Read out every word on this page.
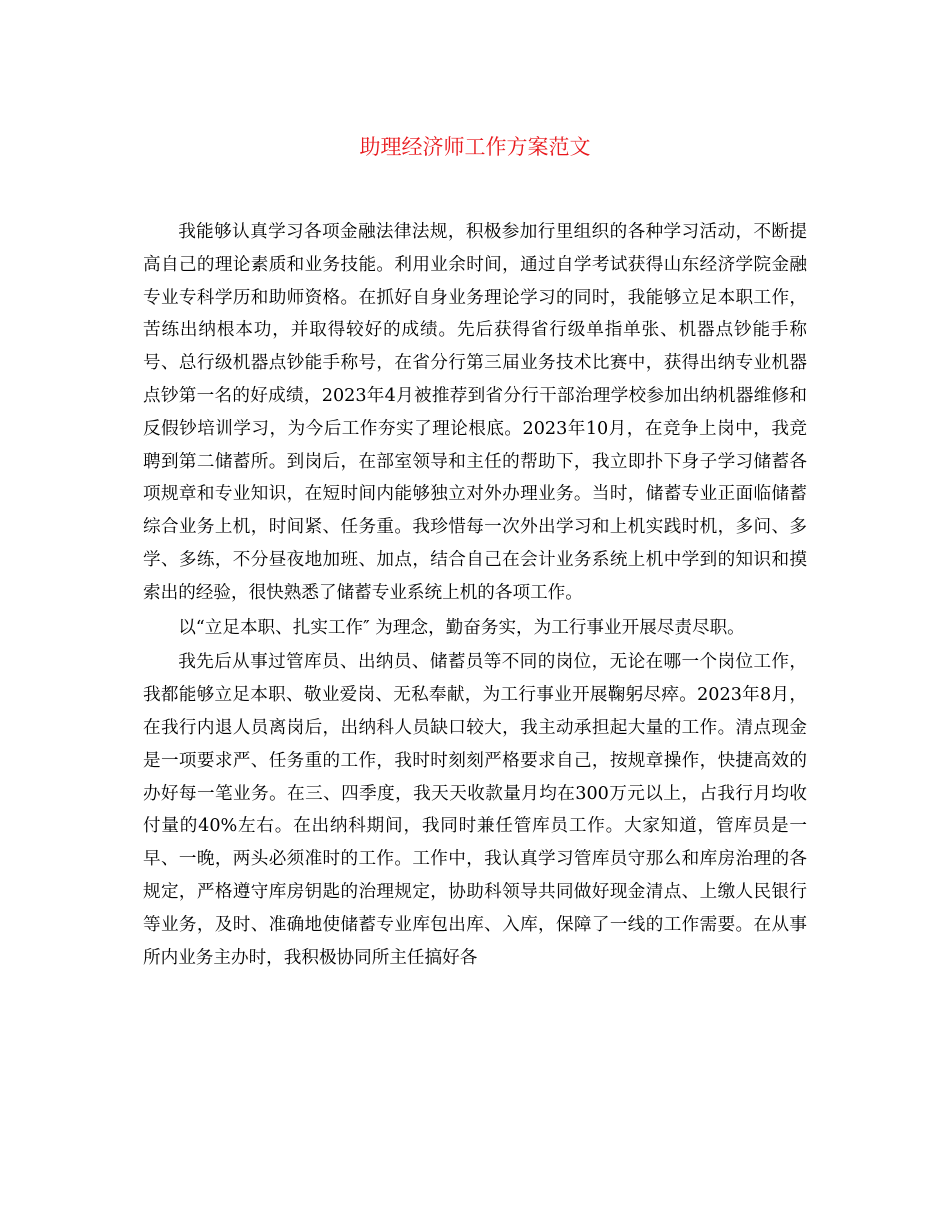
助理经济师工作方案范文

我能够认真学习各项金融法律法规，积极参加行里组织的各种学习活动，不断提高自己的理论素质和业务技能。利用业余时间，通过自学考试获得山东经济学院金融专业专科学历和助师资格。在抓好自身业务理论学习的同时，我能够立足本职工作，苦练出纳根本功，并取得较好的成绩。先后获得省行级单指单张、机器点钞能手称号、总行级机器点钞能手称号，在省分行第三届业务技术比赛中，获得出纳专业机器点钞第一名的好成绩，2023年4月被推荐到省分行干部治理学校参加出纳机器维修和反假钞培训学习，为今后工作夯实了理论根底。2023年10月，在竞争上岗中，我竞聘到第二储蓄所。到岗后，在部室领导和主任的帮助下，我立即扑下身子学习储蓄各项规章和专业知识，在短时间内能够独立对外办理业务。当时，储蓄专业正面临储蓄综合业务上机，时间紧、任务重。我珍惜每一次外出学习和上机实践时机，多问、多学、多练，不分昼夜地加班、加点，结合自己在会计业务系统上机中学到的知识和摸索出的经验，很快熟悉了储蓄专业系统上机的各项工作。

以“立足本职、扎实工作″ 为理念，勤奋务实，为工行事业开展尽责尽职。

我先后从事过管库员、出纳员、储蓄员等不同的岗位，无论在哪一个岗位工作，我都能够立足本职、敬业爱岗、无私奉献，为工行事业开展鞠躬尽瘁。2023年8月，在我行内退人员离岗后，出纳科人员缺口较大，我主动承担起大量的工作。清点现金是一项要求严、任务重的工作，我时时刻刻严格要求自己，按规章操作，快捷高效的办好每一笔业务。在三、四季度，我天天收款量月均在300万元以上，占我行月均收付量的40%左右。在出纳科期间，我同时兼任管库员工作。大家知道，管库员是一早、一晚，两头必须准时的工作。工作中，我认真学习管库员守那么和库房治理的各规定，严格遵守库房钥匙的治理规定，协助科领导共同做好现金清点、上缴人民银行等业务，及时、准确地使储蓄专业库包出库、入库，保障了一线的工作需要。在从事所内业务主办时，我积极协同所主任搞好各
